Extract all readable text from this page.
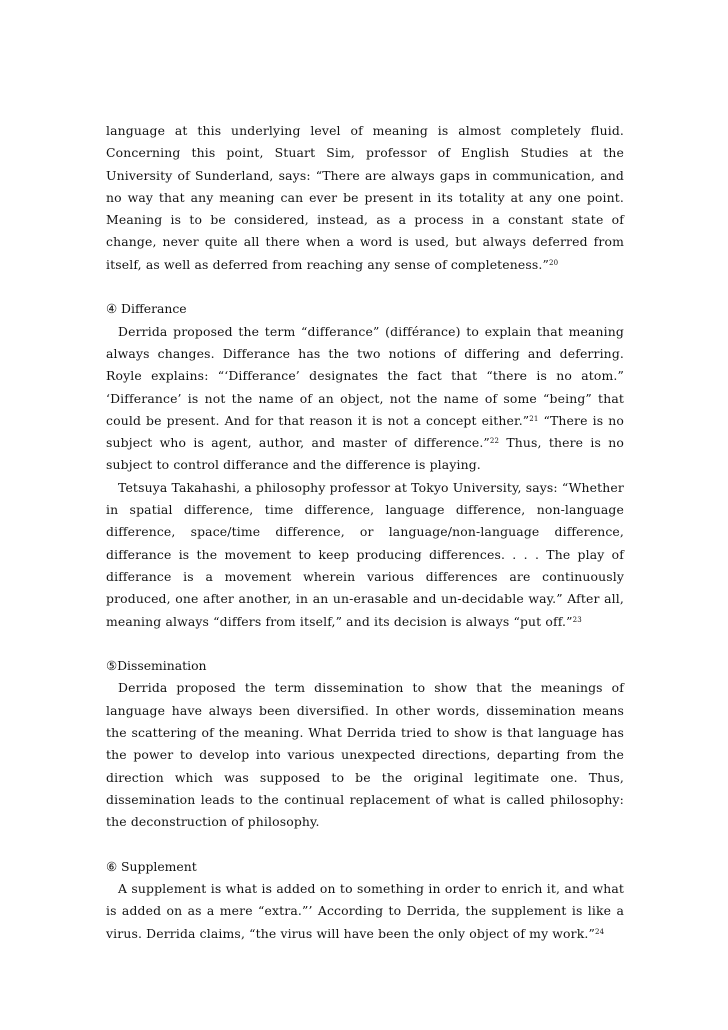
language at this underlying level of meaning is almost completely fluid. Concerning this point, Stuart Sim, professor of English Studies at the University of Sunderland, says: “There are always gaps in communication, and no way that any meaning can ever be present in its totality at any one point. Meaning is to be considered, instead, as a process in a constant state of change, never quite all there when a word is used, but always deferred from itself, as well as deferred from reaching any sense of completeness.”$^{20}$

④ Differance

Derrida proposed the term “differance” (différance) to explain that meaning always changes. Differance has the two notions of differing and deferring. Royle explains: “‘Differance’ designates the fact that “there is no atom.” ‘Differance’ is not the name of an object, not the name of some “being” that could be present. And for that reason it is not a concept either.”$^{21}$ “There is no subject who is agent, author, and master of difference.”$^{22}$ Thus, there is no subject to control differance and the difference is playing.

Tetsuya Takahashi, a philosophy professor at Tokyo University, says: “Whether in spatial difference, time difference, language difference, non-language difference, space/time difference, or language/non-language difference, differance is the movement to keep producing differences. . . . The play of differance is a movement wherein various differences are continuously produced, one after another, in an un-erasable and un-decidable way.” After all, meaning always “differs from itself,” and its decision is always “put off.”$^{23}$

⑤Dissemination

Derrida proposed the term dissemination to show that the meanings of language have always been diversified. In other words, dissemination means the scattering of the meaning. What Derrida tried to show is that language has the power to develop into various unexpected directions, departing from the direction which was supposed to be the original legitimate one. Thus, dissemination leads to the continual replacement of what is called philosophy: the deconstruction of philosophy.

⑥ Supplement

A supplement is what is added on to something in order to enrich it, and what is added on as a mere “extra.”’ According to Derrida, the supplement is like a virus. Derrida claims, “the virus will have been the only object of my work.”$^{24}$
